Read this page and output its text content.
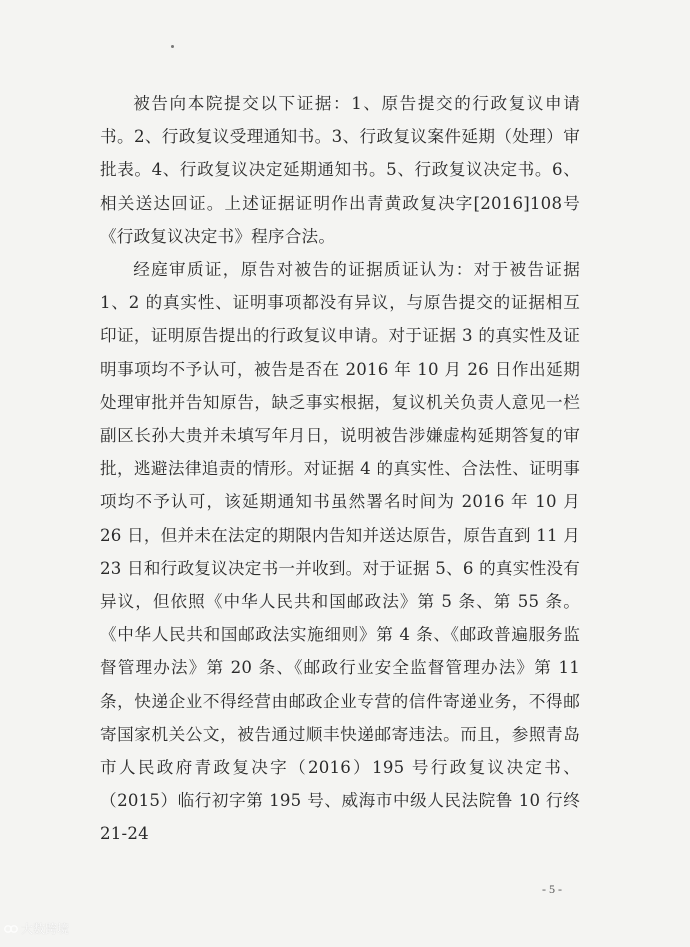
被告向本院提交以下证据：1、原告提交的行政复议申请书。2、行政复议受理通知书。3、行政复议案件延期（处理）审批表。4、行政复议决定延期通知书。5、行政复议决定书。6、相关送达回证。上述证据证明作出青黄政复决字[2016]108号《行政复议决定书》程序合法。

经庭审质证，原告对被告的证据质证认为：对于被告证据 1、2 的真实性、证明事项都没有异议，与原告提交的证据相互印证，证明原告提出的行政复议申请。对于证据 3 的真实性及证明事项均不予认可，被告是否在 2016 年 10 月 26 日作出延期处理审批并告知原告，缺乏事实根据，复议机关负责人意见一栏副区长孙大贵并未填写年月日，说明被告涉嫌虚构延期答复的审批，逃避法律追责的情形。对证据 4 的真实性、合法性、证明事项均不予认可，该延期通知书虽然署名时间为 2016 年 10 月 26 日，但并未在法定的期限内告知并送达原告，原告直到 11 月 23 日和行政复议决定书一并收到。对于证据 5、6 的真实性没有异议，但依照《中华人民共和国邮政法》第 5 条、第 55 条。《中华人民共和国邮政法实施细则》第 4 条、《邮政普遍服务监督管理办法》第 20 条、《邮政行业安全监督管理办法》第 11 条，快递企业不得经营由邮政企业专营的信件寄递业务，不得邮寄国家机关公文，被告通过顺丰快递邮寄违法。而且，参照青岛市人民政府青政复决字（2016）195 号行政复议决定书、（2015）临行初字第 195 号、威海市中级人民法院鲁 10 行终 21-24

- 5 -
大数跨境
